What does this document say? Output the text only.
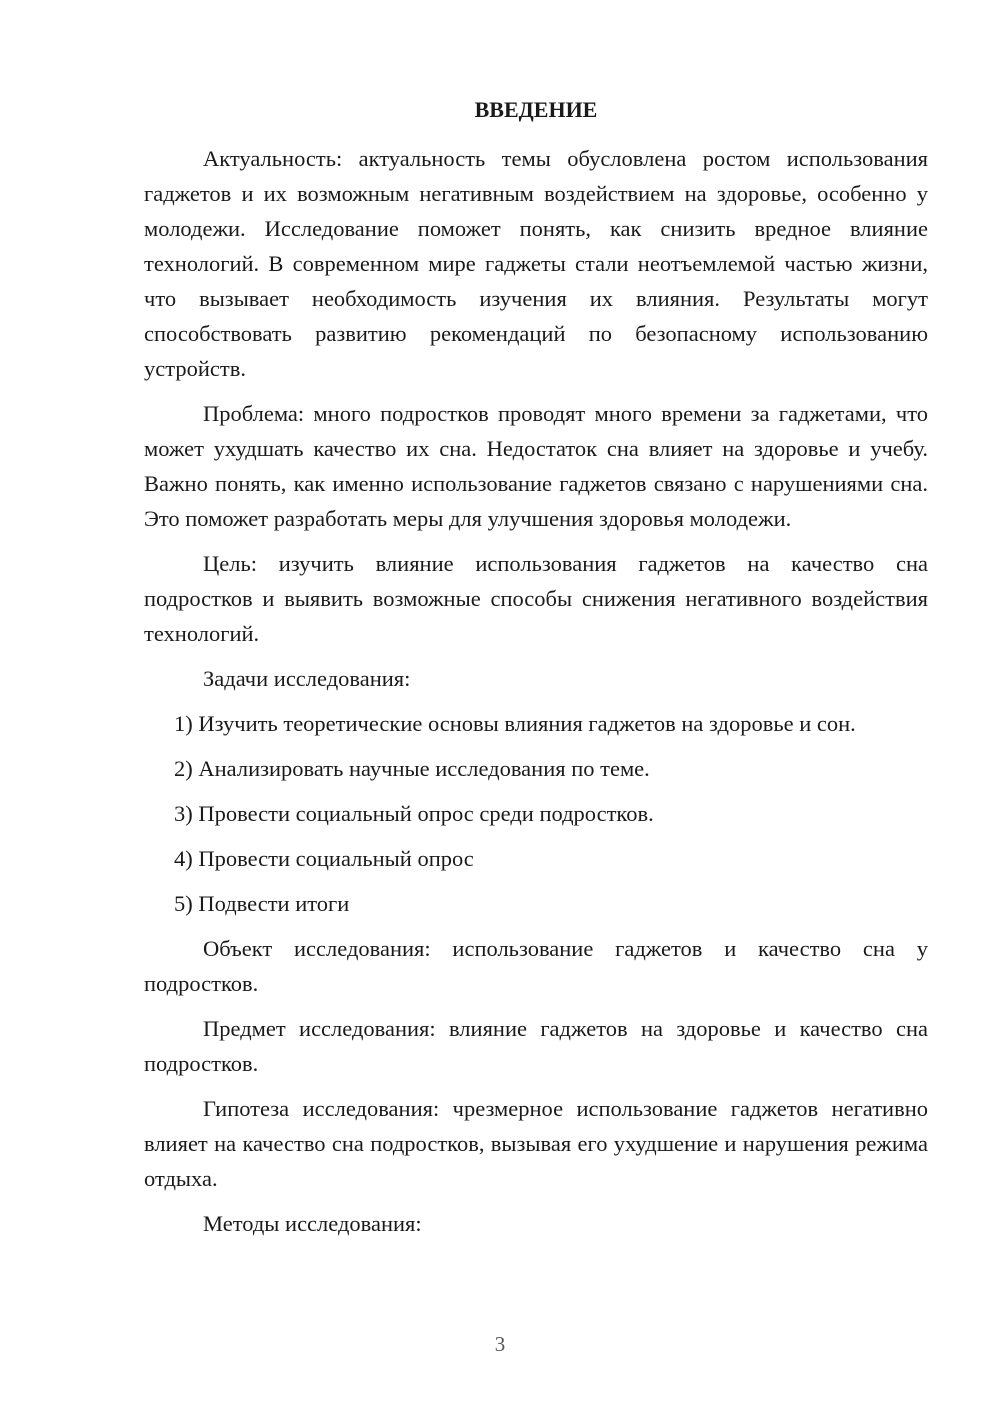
ВВЕДЕНИЕ

Актуальность: актуальность темы обусловлена ростом использования гаджетов и их возможным негативным воздействием на здоровье, особенно у молодежи. Исследование поможет понять, как снизить вредное влияние технологий. В современном мире гаджеты стали неотъемлемой частью жизни, что вызывает необходимость изучения их влияния. Результаты могут способствовать развитию рекомендаций по безопасному использованию устройств.

Проблема: много подростков проводят много времени за гаджетами, что может ухудшать качество их сна. Недостаток сна влияет на здоровье и учебу. Важно понять, как именно использование гаджетов связано с нарушениями сна. Это поможет разработать меры для улучшения здоровья молодежи.

Цель: изучить влияние использования гаджетов на качество сна подростков и выявить возможные способы снижения негативного воздействия технологий.

Задачи исследования:

1) Изучить теоретические основы влияния гаджетов на здоровье и сон.

2) Анализировать научные исследования по теме.

3) Провести социальный опрос среди подростков.

4) Провести социальный опрос

5) Подвести итоги

Объект исследования: использование гаджетов и качество сна у подростков.

Предмет исследования: влияние гаджетов на здоровье и качество сна подростков.

Гипотеза исследования: чрезмерное использование гаджетов негативно влияет на качество сна подростков, вызывая его ухудшение и нарушения режима отдыха.

Методы исследования:

3
